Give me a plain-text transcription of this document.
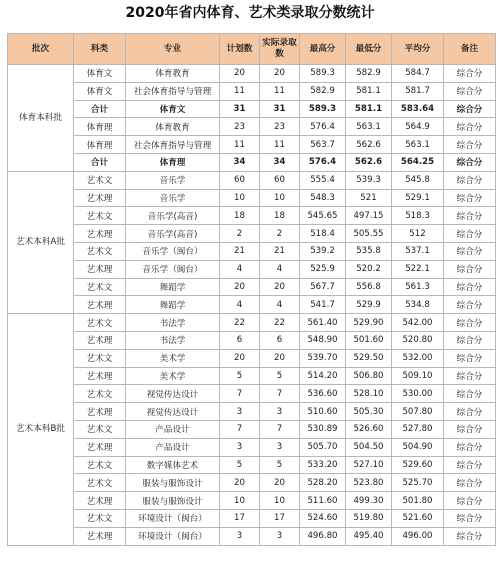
2020年省内体育、艺术类录取分数统计
批次	科类	专业	计划数	实际录取数	最高分	最低分	平均分	备注
体育本科批	体育文	体育教育	20	20	589.3	582.9	584.7	综合分
	体育文	社会体育指导与管理	11	11	582.9	581.1	581.7	综合分
	合计	体育文	31	31	589.3	581.1	583.64	综合分
	体育理	体育教育	23	23	576.4	563.1	564.9	综合分
	体育理	社会体育指导与管理	11	11	563.7	562.6	563.1	综合分
	合计	体育理	34	34	576.4	562.6	564.25	综合分
艺术本科A批	艺术文	音乐学	60	60	555.4	539.3	545.8	综合分
	艺术理	音乐学	10	10	548.3	521	529.1	综合分
	艺术文	音乐学(高音)	18	18	545.65	497.15	518.3	综合分
	艺术理	音乐学(高音)	2	2	518.4	505.55	512	综合分
	艺术文	音乐学（闽台）	21	21	539.2	535.8	537.1	综合分
	艺术理	音乐学（闽台）	4	4	525.9	520.2	522.1	综合分
	艺术文	舞蹈学	20	20	567.7	556.8	561.3	综合分
	艺术理	舞蹈学	4	4	541.7	529.9	534.8	综合分
艺术本科B批	艺术文	书法学	22	22	561.40	529.90	542.00	综合分
	艺术理	书法学	6	6	548.90	501.60	520.80	综合分
	艺术文	美术学	20	20	539.70	529.50	532.00	综合分
	艺术理	美术学	5	5	514.20	506.80	509.10	综合分
	艺术文	视觉传达设计	7	7	536.60	528.10	530.00	综合分
	艺术理	视觉传达设计	3	3	510.60	505.30	507.80	综合分
	艺术文	产品设计	7	7	530.89	526.60	527.80	综合分
	艺术理	产品设计	3	3	505.70	504.50	504.90	综合分
	艺术文	数字媒体艺术	5	5	533.20	527.10	529.60	综合分
	艺术文	服装与服饰设计	20	20	528.20	523.80	525.70	综合分
	艺术理	服装与服饰设计	10	10	511.60	499.30	501.80	综合分
	艺术文	环境设计（闽台）	17	17	524.60	519.80	521.60	综合分
	艺术理	环境设计（闽台）	3	3	496.80	495.40	496.00	综合分
